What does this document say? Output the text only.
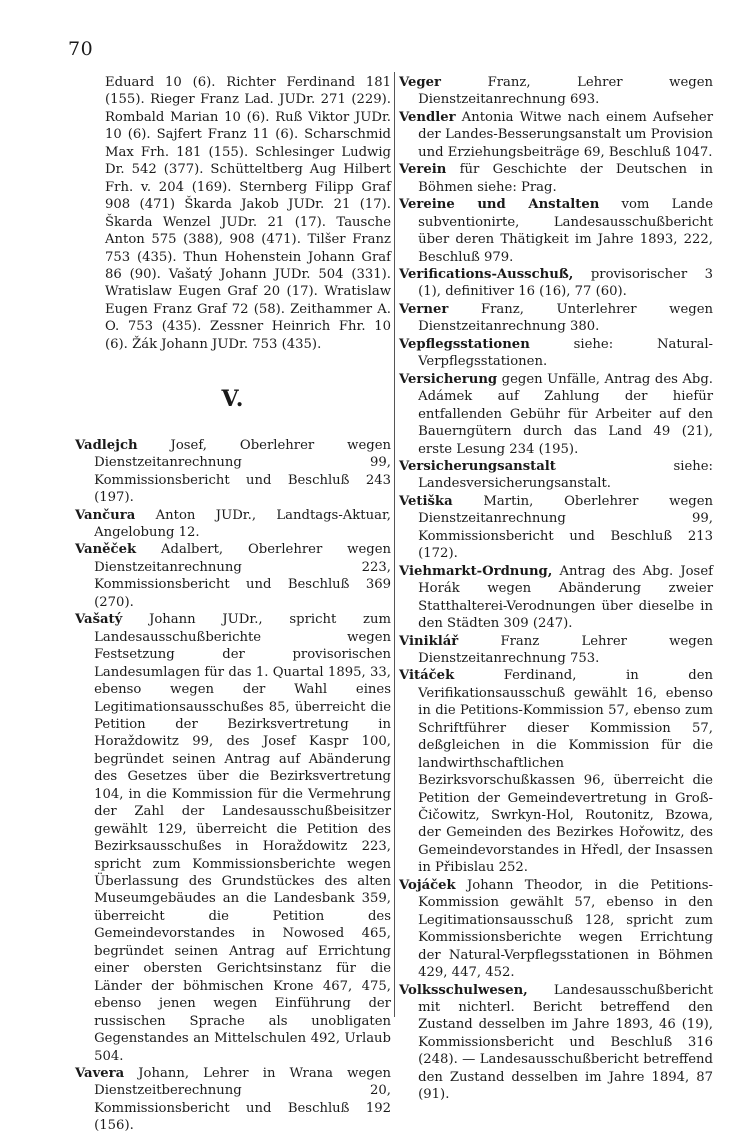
70

Eduard 10 (6). Richter Ferdinand 181 (155). Rieger Franz Lad. JUDr. 271 (229). Rombald Marian 10 (6). Ruß Viktor JUDr. 10 (6). Sajfert Franz 11 (6). Scharschmid Max Frh. 181 (155). Schlesinger Ludwig Dr. 542 (377). Schütteltberg Aug Hilbert Frh. v. 204 (169). Sternberg Filipp Graf 908 (471) Škarda Jakob JUDr. 21 (17). Škarda Wenzel JUDr. 21 (17). Tausche Anton 575 (388), 908 (471). Tilšer Franz 753 (435). Thun Hohenstein Johann Graf 86 (90). Vašatý Johann JUDr. 504 (331). Wratislaw Eugen Graf 20 (17). Wratislaw Eugen Franz Graf 72 (58). Zeithammer A. O. 753 (435). Zessner Heinrich Fhr. 10 (6). Žák Johann JUDr. 753 (435).

V.

Vadlejch Josef, Oberlehrer wegen Dienstzeitanrechnung 99, Kommissionsbericht und Beschluß 243 (197).

Vančura Anton JUDr., Landtags-Aktuar, Angelobung 12.

Vaněček Adalbert, Oberlehrer wegen Dienstzeitanrechnung 223, Kommissionsbericht und Beschluß 369 (270).

Vašatý Johann JUDr., spricht zum Landesausschußberichte wegen Festsetzung der provisorischen Landesumlagen für das 1. Quartal 1895, 33, ebenso wegen der Wahl eines Legitimationsausschußes 85, überreicht die Petition der Bezirksvertretung in Horaždowitz 99, des Josef Kaspr 100, begründet seinen Antrag auf Abänderung des Gesetzes über die Bezirksvertretung 104, in die Kommission für die Vermehrung der Zahl der Landesausschußbeisitzer gewählt 129, überreicht die Petition des Bezirksausschußes in Horaždowitz 223, spricht zum Kommissionsberichte wegen Überlassung des Grundstückes des alten Museumgebäudes an die Landesbank 359, überreicht die Petition des Gemeindevorstandes in Nowosed 465, begründet seinen Antrag auf Errichtung einer obersten Gerichtsinstanz für die Länder der böhmischen Krone 467, 475, ebenso jenen wegen Einführung der russischen Sprache als unobligaten Gegenstandes an Mittelschulen 492, Urlaub 504.

Vavera Johann, Lehrer in Wrana wegen Dienstzeitberechnung 20, Kommissionsbericht und Beschluß 192 (156).

Veger Franz, Lehrer wegen Dienstzeitanrechnung 693.

Vendler Antonia Witwe nach einem Aufseher der Landes-Besserungsanstalt um Provision und Erziehungsbeiträge 69, Beschluß 1047.

Verein für Geschichte der Deutschen in Böhmen siehe: Prag.

Vereine und Anstalten vom Lande subventionirte, Landesausschußbericht über deren Thätigkeit im Jahre 1893, 222, Beschluß 979.

Verifications-Ausschuß, provisorischer 3 (1), definitiver 16 (16), 77 (60).

Verner Franz, Unterlehrer wegen Dienstzeitanrechnung 380.

Vepflegsstationen siehe: Natural-Verpflegsstationen.

Versicherung gegen Unfälle, Antrag des Abg. Adámek auf Zahlung der hiefür entfallenden Gebühr für Arbeiter auf den Bauerngütern durch das Land 49 (21), erste Lesung 234 (195).

Versicherungsanstalt siehe: Landesversicherungsanstalt.

Vetiška Martin, Oberlehrer wegen Dienstzeitanrechnung 99, Kommissionsbericht und Beschluß 213 (172).

Viehmarkt-Ordnung, Antrag des Abg. Josef Horák wegen Abänderung zweier Statthalterei-Verodnungen über dieselbe in den Städten 309 (247).

Viniklář Franz Lehrer wegen Dienstzeitanrechnung 753.

Vitáček Ferdinand, in den Verifikationsausschuß gewählt 16, ebenso in die Petitions-Kommission 57, ebenso zum Schriftführer dieser Kommission 57, deßgleichen in die Kommission für die landwirthschaftlichen Bezirksvorschußkassen 96, überreicht die Petition der Gemeindevertretung in Groß-Čičowitz, Swrkyn-Hol, Routonitz, Bzowa, der Gemeinden des Bezirkes Hořowitz, des Gemeindevorstandes in Hředl, der Insassen in Přibislau 252.

Vojáček Johann Theodor, in die Petitions-Kommission gewählt 57, ebenso in den Legitimationsausschuß 128, spricht zum Kommissionsberichte wegen Errichtung der Natural-Verpflegsstationen in Böhmen 429, 447, 452.

Volksschulwesen, Landesausschußbericht mit nichterl. Bericht betreffend den Zustand desselben im Jahre 1893, 46 (19), Kommissionsbericht und Beschluß 316 (248). — Landesausschußbericht betreffend den Zustand desselben im Jahre 1894, 87 (91).
